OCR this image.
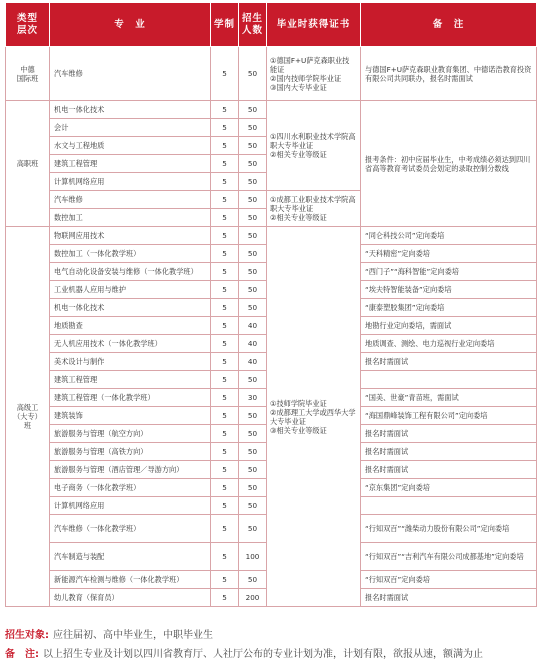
类型
层次	专　业	学制	招生
人数	毕业时获得证书	备　注
中德
国际班	汽车维修	5	50	①德国F+U萨克森职业技能证
②国内技师学院毕业证
③国内大专毕业证	与德国F+U萨克森职业教育集团、中德诺浩教育投资有限公司共同联办，报名时需面试
高职班	机电一体化技术	5	50	①四川水利职业技术学院高职大专毕业证
②相关专业等级证	报考条件：初中应届毕业生，中考成绩必须达到四川省高等教育考试委员会划定的录取控制分数线
	会计	5	50		
	水文与工程地质	5	50		
	建筑工程管理	5	50		
	计算机网络应用	5	50		
	汽车维修	5	50	①成都工业职业技术学院高职大专毕业证
②相关专业等级证	
	数控加工	5	50		
高级工
（大专）班	物联网应用技术	5	50	①技师学院毕业证
②成都理工大学或西华大学大专毕业证
③相关专业等级证	“同仑科技公司”定向委培
	数控加工（一体化教学班）	5	50		“天科精密”定向委培
	电气自动化设备安装与维修（一体化教学班）	5	50		“西门子”“海科智能”定向委培
	工业机器人应用与维护	5	50		“埃夫特智能装备”定向委培
	机电一体化技术	5	50		“康泰塑胶集团”定向委培
	地质勘查	5	40		地勘行业定向委培，需面试
	无人机应用技术（一体化教学班）	5	40		地质调查、测绘、电力巡视行业定向委培
	美术设计与制作	5	40		报名时需面试
	建筑工程管理	5	50		
	建筑工程管理（一体化教学班）	5	30		“国美、世豪”青苗班，需面试
	建筑装饰	5	50		“海国鼎峰装饰工程有限公司”定向委培
	旅游服务与管理（航空方向）	5	50		报名时需面试
	旅游服务与管理（高铁方向）	5	50		报名时需面试
	旅游服务与管理（酒店管理／导游方向）	5	50		报名时需面试
	电子商务（一体化教学班）	5	50		“京东集团”定向委培
	计算机网络应用	5	50		
	汽车维修（一体化教学班）	5	50		“行知双百”“潍柴动力股份有限公司”定向委培
	汽车制造与装配	5	100		“行知双百”“吉利汽车有限公司成都基地”定向委培
	新能源汽车检测与维修（一体化教学班）	5	50		“行知双百”定向委培
	幼儿教育（保育员）	5	200		报名时需面试
招生对象: 应往届初、高中毕业生，中职毕业生
备　注: 以上招生专业及计划以四川省教育厅、人社厅公布的专业计划为准，计划有限，欲报从速，额满为止
